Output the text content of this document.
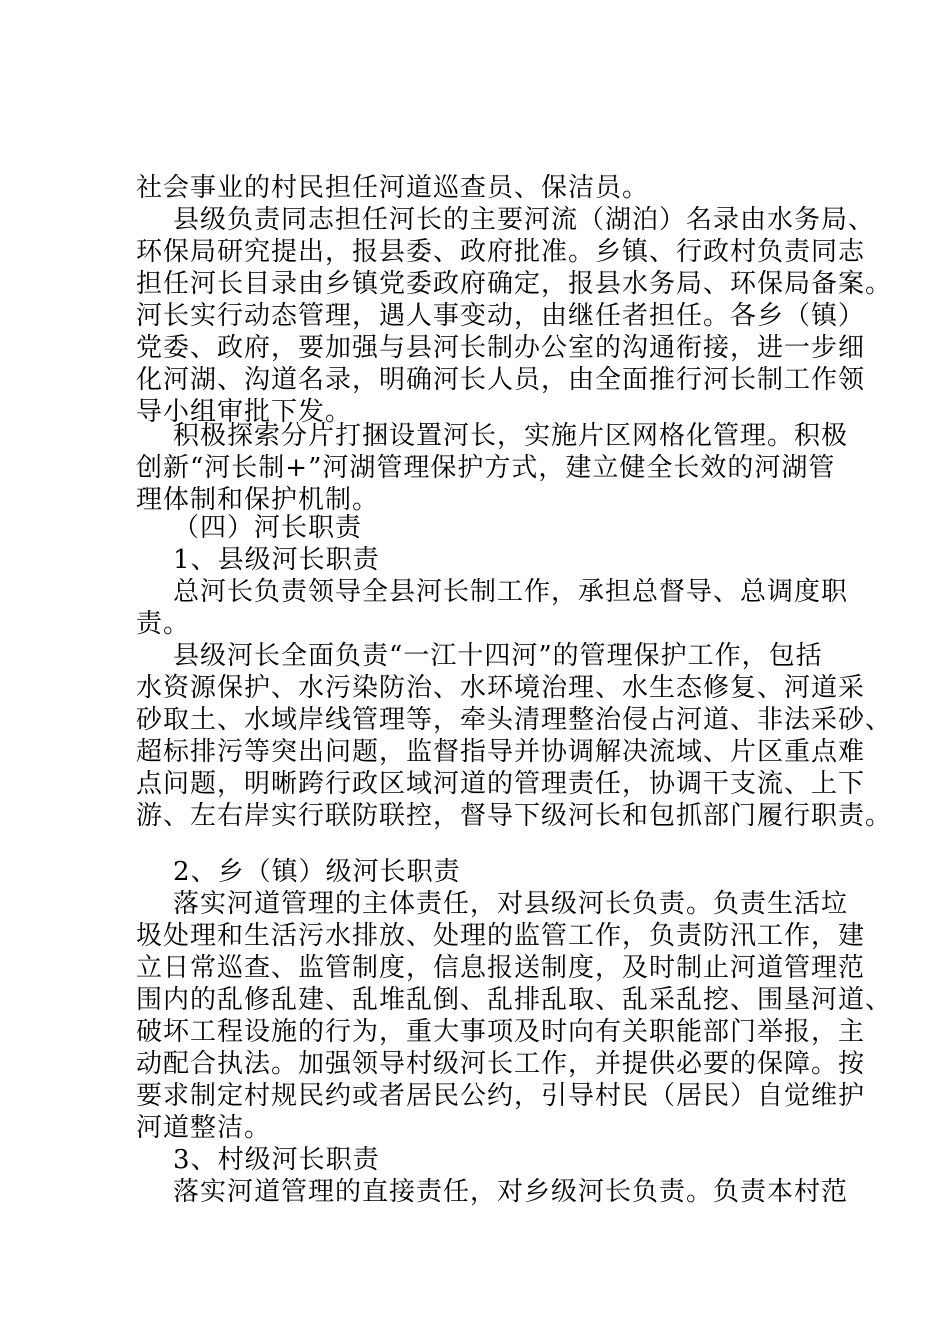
社会事业的村民担任河道巡查员、保洁员。
县级负责同志担任河长的主要河流（湖泊）名录由水务局、
环保局研究提出，报县委、政府批准。乡镇、行政村负责同志
担任河长目录由乡镇党委政府确定，报县水务局、环保局备案。
河长实行动态管理，遇人事变动，由继任者担任。各乡（镇）
党委、政府，要加强与县河长制办公室的沟通衔接，进一步细
化河湖、沟道名录，明确河长人员，由全面推行河长制工作领
导小组审批下发。
积极探索分片打捆设置河长，实施片区网格化管理。积极
创新“河长制+”河湖管理保护方式，建立健全长效的河湖管
理体制和保护机制。
（四）河长职责
1、县级河长职责
总河长负责领导全县河长制工作，承担总督导、总调度职
责。
县级河长全面负责“一江十四河”的管理保护工作，包括
水资源保护、水污染防治、水环境治理、水生态修复、河道采
砂取土、水域岸线管理等，牵头清理整治侵占河道、非法采砂、
超标排污等突出问题，监督指导并协调解决流域、片区重点难
点问题，明晰跨行政区域河道的管理责任，协调干支流、上下
游、左右岸实行联防联控，督导下级河长和包抓部门履行职责。
2、乡（镇）级河长职责
落实河道管理的主体责任，对县级河长负责。负责生活垃
圾处理和生活污水排放、处理的监管工作，负责防汛工作，建
立日常巡查、监管制度，信息报送制度，及时制止河道管理范
围内的乱修乱建、乱堆乱倒、乱排乱取、乱采乱挖、围垦河道、
破坏工程设施的行为，重大事项及时向有关职能部门举报，主
动配合执法。加强领导村级河长工作，并提供必要的保障。按
要求制定村规民约或者居民公约，引导村民（居民）自觉维护
河道整洁。
3、村级河长职责
落实河道管理的直接责任，对乡级河长负责。负责本村范
